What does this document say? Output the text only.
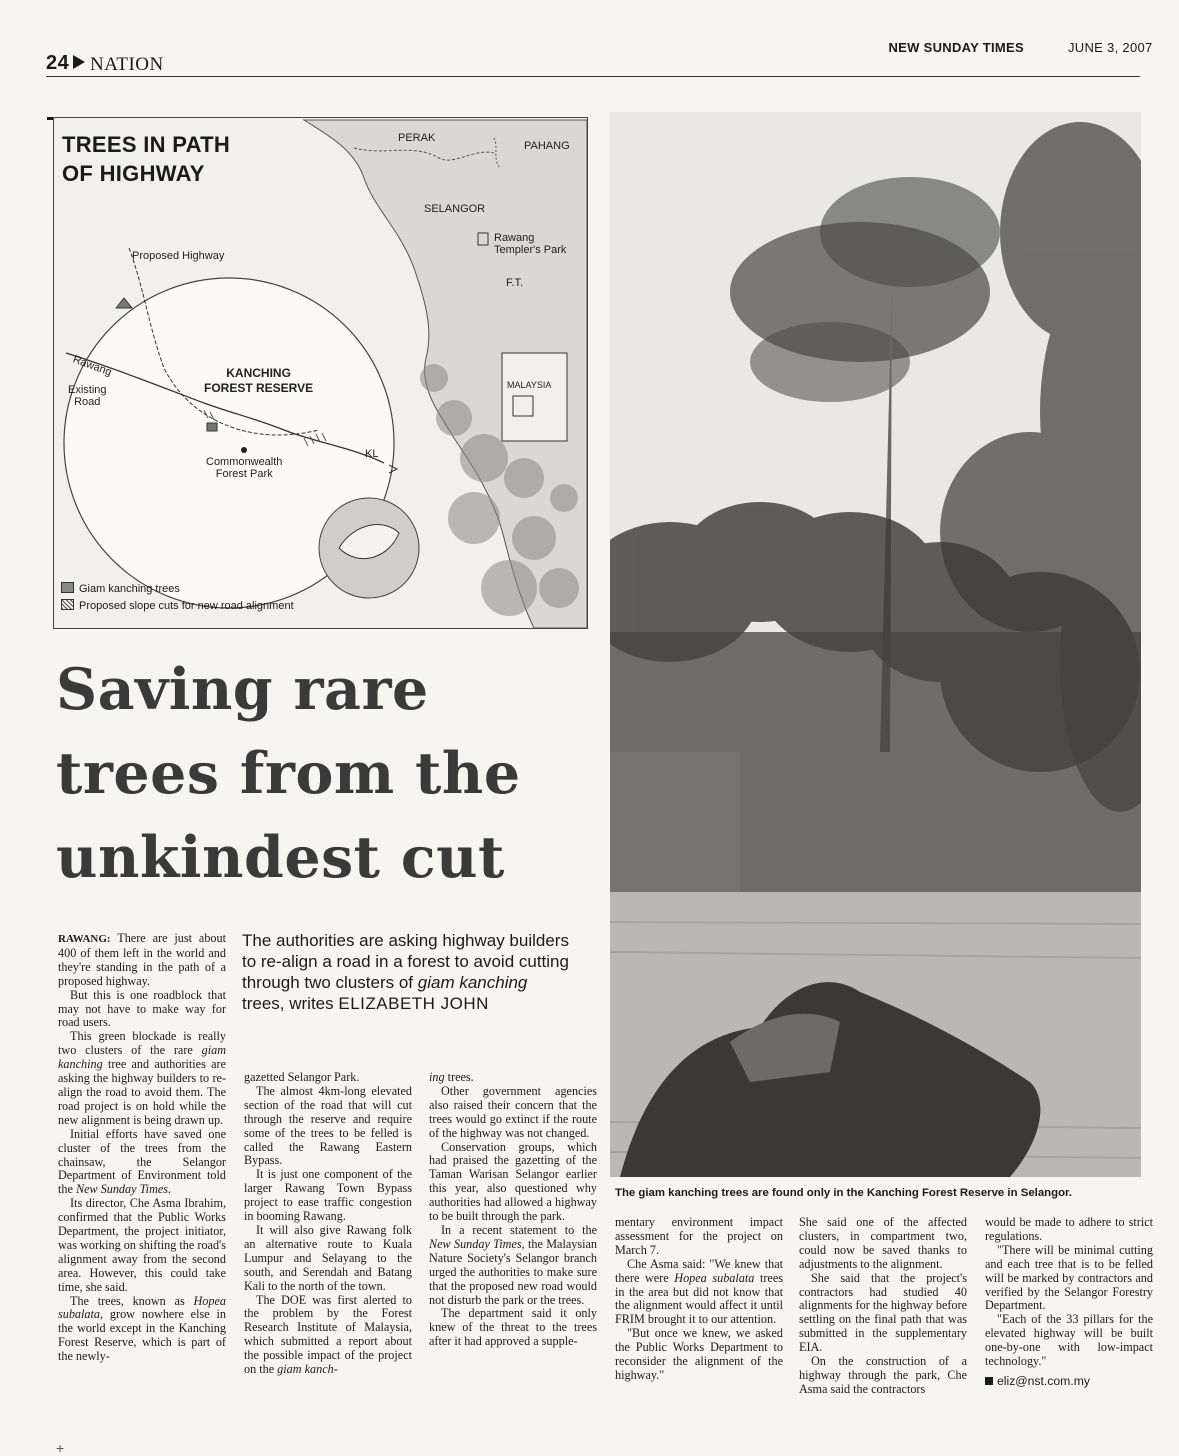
24 NATION
NEW SUNDAY TIMES	JUNE 3, 2007
TREES IN PATH
OF HIGHWAY
PERAK
PAHANG
SELANGOR
Rawang
Templer's Park
F.T.
Proposed Highway
Rawang
Existing
Road
KANCHING
FOREST RESERVE
Commonwealth
Forest Park
KL
MALAYSIA
Giam kanching trees
Proposed slope cuts for new road alignment
Saving rare
trees from the
unkindest cut
The authorities are asking highway builders to re-align a road in a forest to avoid cutting through two clusters of giam kanching trees, writes ELIZABETH JOHN

RAWANG: There are just about 400 of them left in the world and they're standing in the path of a proposed highway.

But this is one roadblock that may not have to make way for road users.

This green blockade is really two clusters of the rare giam kanching tree and authorities are asking the highway builders to re-align the road to avoid them. The road project is on hold while the new alignment is being drawn up.

Initial efforts have saved one cluster of the trees from the chainsaw, the Selangor Department of Environment told the New Sunday Times.

Its director, Che Asma Ibrahim, confirmed that the Public Works Department, the project initiator, was working on shifting the road's alignment away from the second area. However, this could take time, she said.

The trees, known as Hopea subalata, grow nowhere else in the world except in the Kanching Forest Reserve, which is part of the newly-

gazetted Selangor Park.

The almost 4km-long elevated section of the road that will cut through the reserve and require some of the trees to be felled is called the Rawang Eastern Bypass.

It is just one component of the larger Rawang Town Bypass project to ease traffic congestion in booming Rawang.

It will also give Rawang folk an alternative route to Kuala Lumpur and Selayang to the south, and Serendah and Batang Kali to the north of the town.

The DOE was first alerted to the problem by the Forest Research Institute of Malaysia, which submitted a report about the possible impact of the project on the giam kanch-

ing trees.

Other government agencies also raised their concern that the trees would go extinct if the route of the highway was not changed.

Conservation groups, which had praised the gazetting of the Taman Warisan Selangor earlier this year, also questioned why authorities had allowed a highway to be built through the park.

In a recent statement to the New Sunday Times, the Malaysian Nature Society's Selangor branch urged the authorities to make sure that the proposed new road would not disturb the park or the trees.

The department said it only knew of the threat to the trees after it had approved a supple-

The giam kanching trees are found only in the Kanching Forest Reserve in Selangor.

mentary environment impact assessment for the project on March 7.

Che Asma said: "We knew that there were Hopea subalata trees in the area but did not know that the alignment would affect it until FRIM brought it to our attention.

"But once we knew, we asked the Public Works Department to reconsider the alignment of the highway."

She said one of the affected clusters, in compartment two, could now be saved thanks to adjustments to the alignment.

She said that the project's contractors had studied 40 alignments for the highway before settling on the final path that was submitted in the supplementary EIA.

On the construction of a highway through the park, Che Asma said the contractors

would be made to adhere to strict regulations.

"There will be minimal cutting and each tree that is to be felled will be marked by contractors and verified by the Selangor Forestry Department.

"Each of the 33 pillars for the elevated highway will be built one-by-one with low-impact technology."

eliz@nst.com.my

+
